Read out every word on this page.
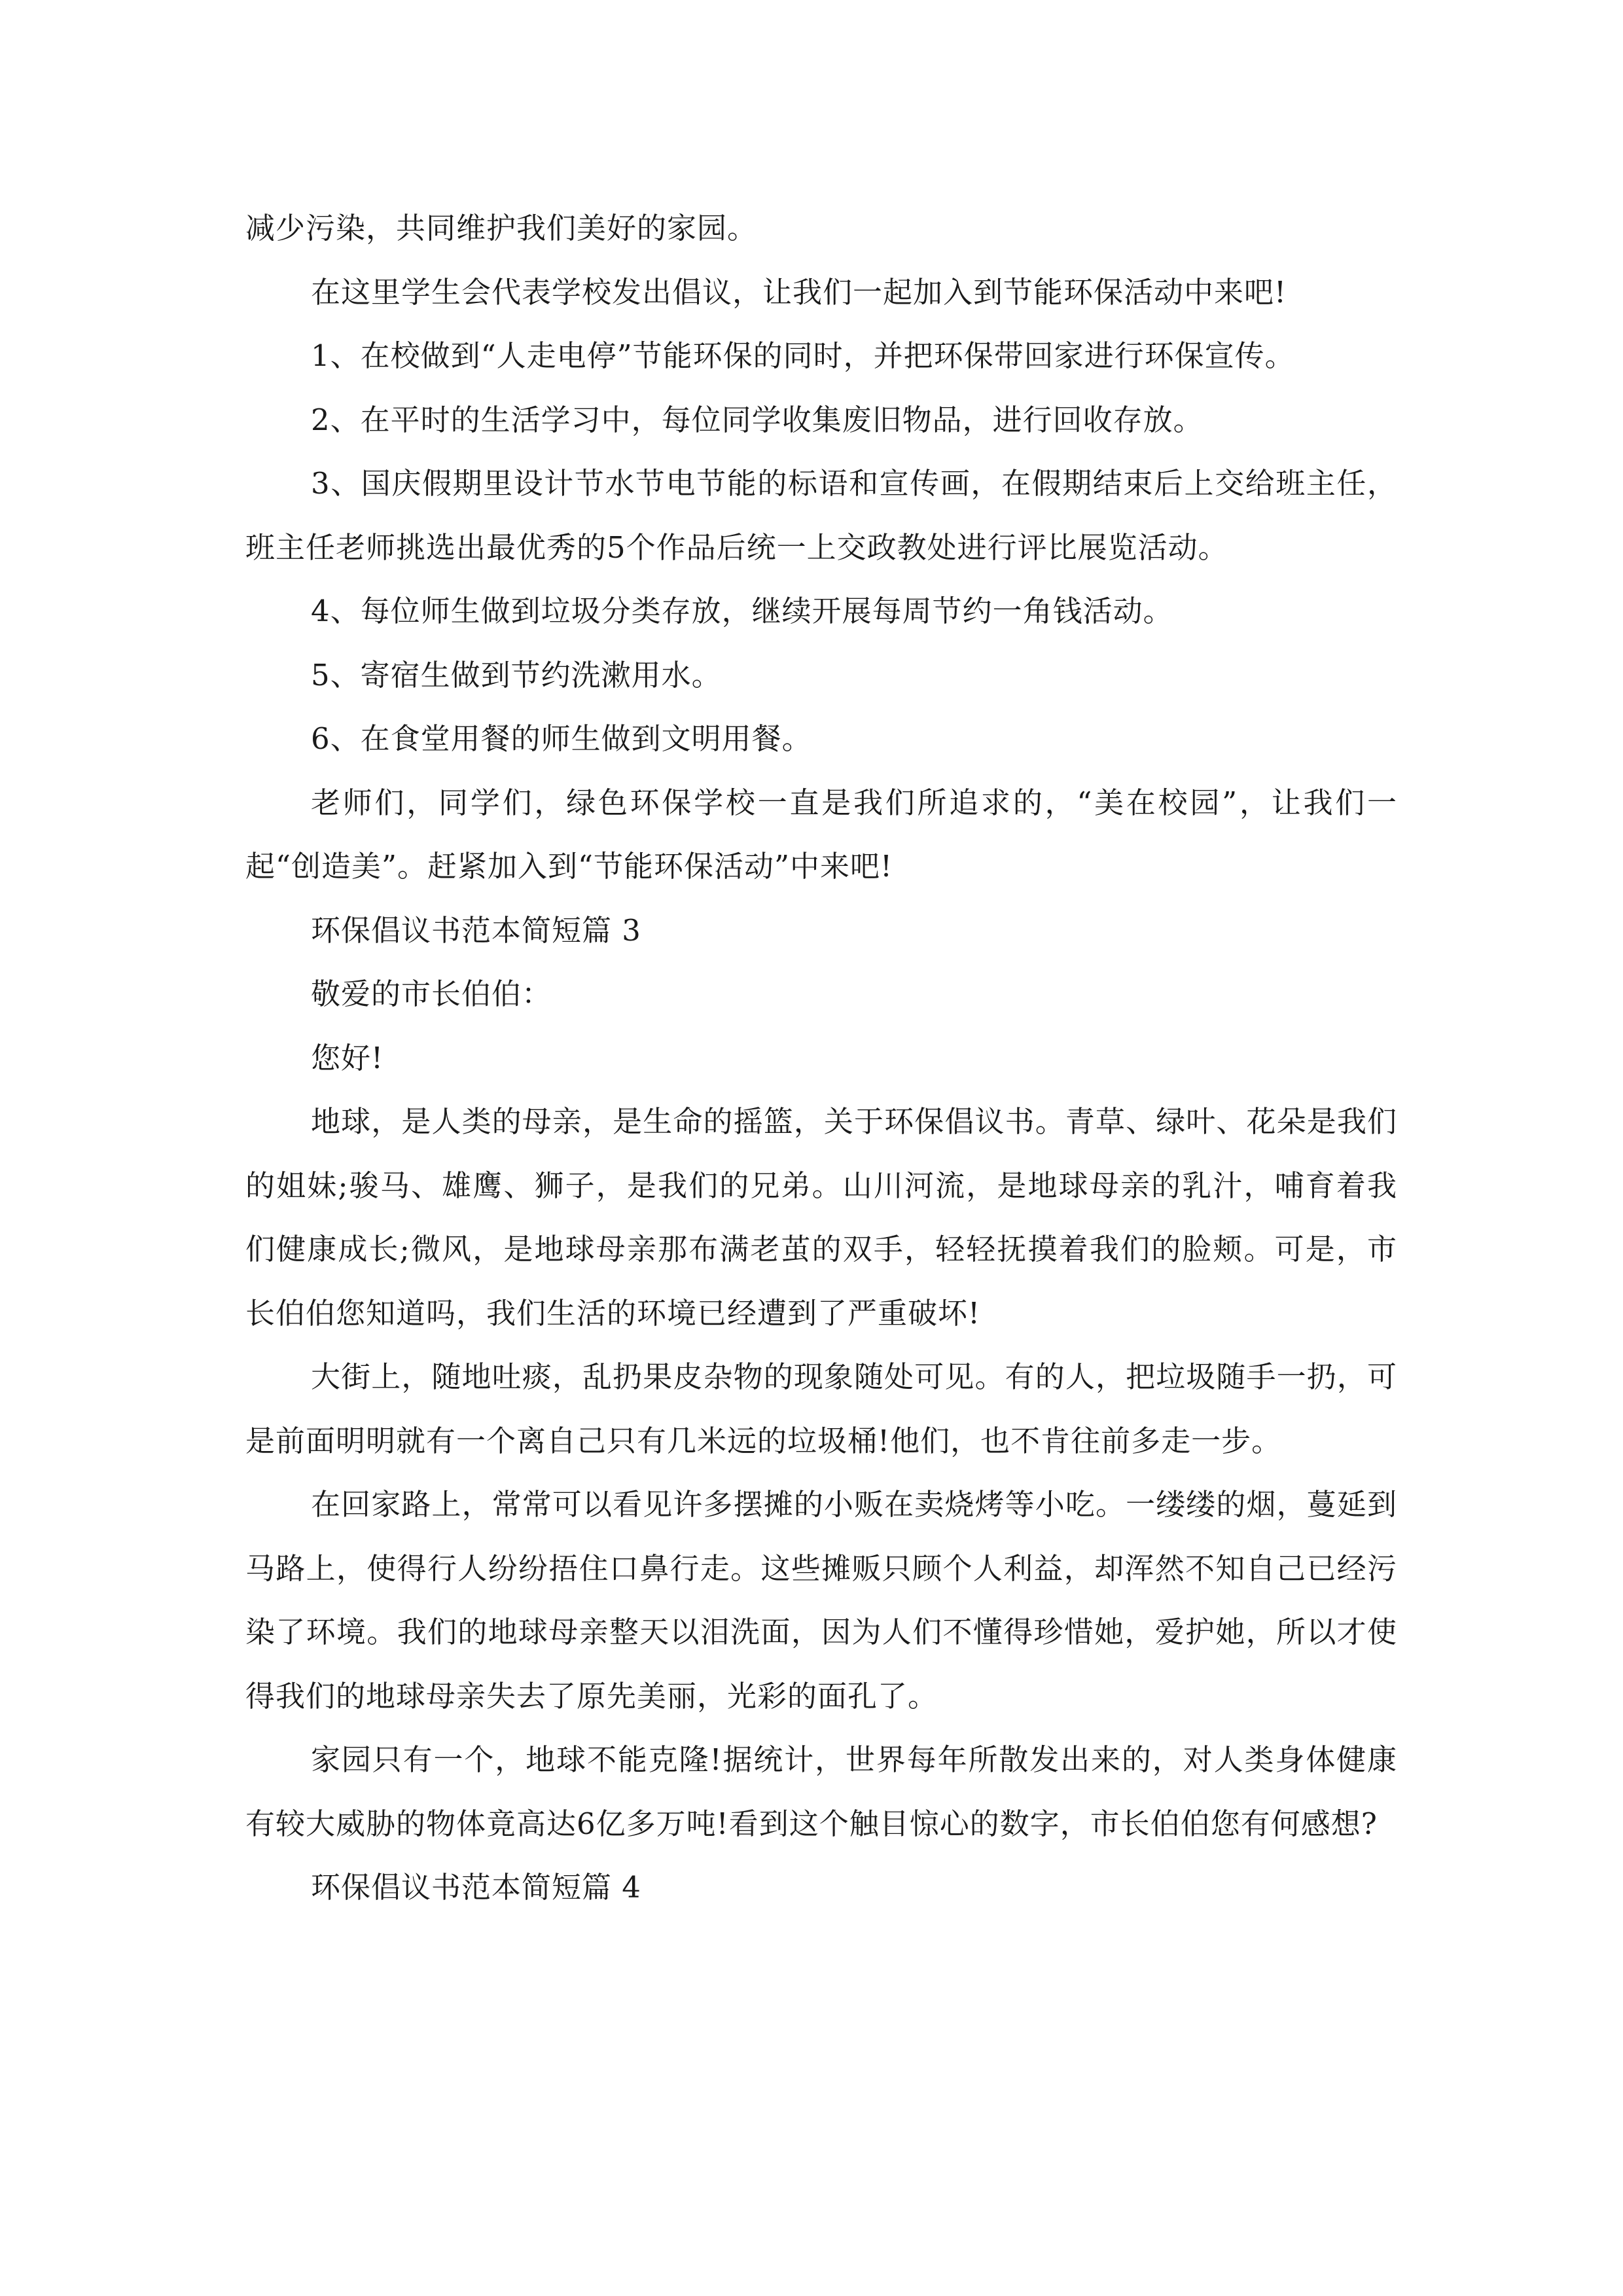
减少污染，共同维护我们美好的家园。

在这里学生会代表学校发出倡议，让我们一起加入到节能环保活动中来吧!

1、在校做到“人走电停”节能环保的同时，并把环保带回家进行环保宣传。

2、在平时的生活学习中，每位同学收集废旧物品，进行回收存放。

3、国庆假期里设计节水节电节能的标语和宣传画，在假期结束后上交给班主任，班主任老师挑选出最优秀的5个作品后统一上交政教处进行评比展览活动。

4、每位师生做到垃圾分类存放，继续开展每周节约一角钱活动。

5、寄宿生做到节约洗漱用水。

6、在食堂用餐的师生做到文明用餐。

老师们，同学们，绿色环保学校一直是我们所追求的，“美在校园”，让我们一起“创造美”。赶紧加入到“节能环保活动”中来吧!

环保倡议书范本简短篇 3

敬爱的市长伯伯：

您好!

地球，是人类的母亲，是生命的摇篮，关于环保倡议书。青草、绿叶、花朵是我们的姐妹;骏马、雄鹰、狮子，是我们的兄弟。山川河流，是地球母亲的乳汁，哺育着我们健康成长;微风，是地球母亲那布满老茧的双手，轻轻抚摸着我们的脸颊。可是，市长伯伯您知道吗，我们生活的环境已经遭到了严重破坏!

大街上，随地吐痰，乱扔果皮杂物的现象随处可见。有的人，把垃圾随手一扔，可是前面明明就有一个离自己只有几米远的垃圾桶!他们，也不肯往前多走一步。

在回家路上，常常可以看见许多摆摊的小贩在卖烧烤等小吃。一缕缕的烟，蔓延到马路上，使得行人纷纷捂住口鼻行走。这些摊贩只顾个人利益，却浑然不知自己已经污染了环境。我们的地球母亲整天以泪洗面，因为人们不懂得珍惜她，爱护她，所以才使得我们的地球母亲失去了原先美丽，光彩的面孔了。

家园只有一个，地球不能克隆!据统计，世界每年所散发出来的，对人类身体健康有较大威胁的物体竟高达6亿多万吨!看到这个触目惊心的数字，市长伯伯您有何感想?

环保倡议书范本简短篇 4
